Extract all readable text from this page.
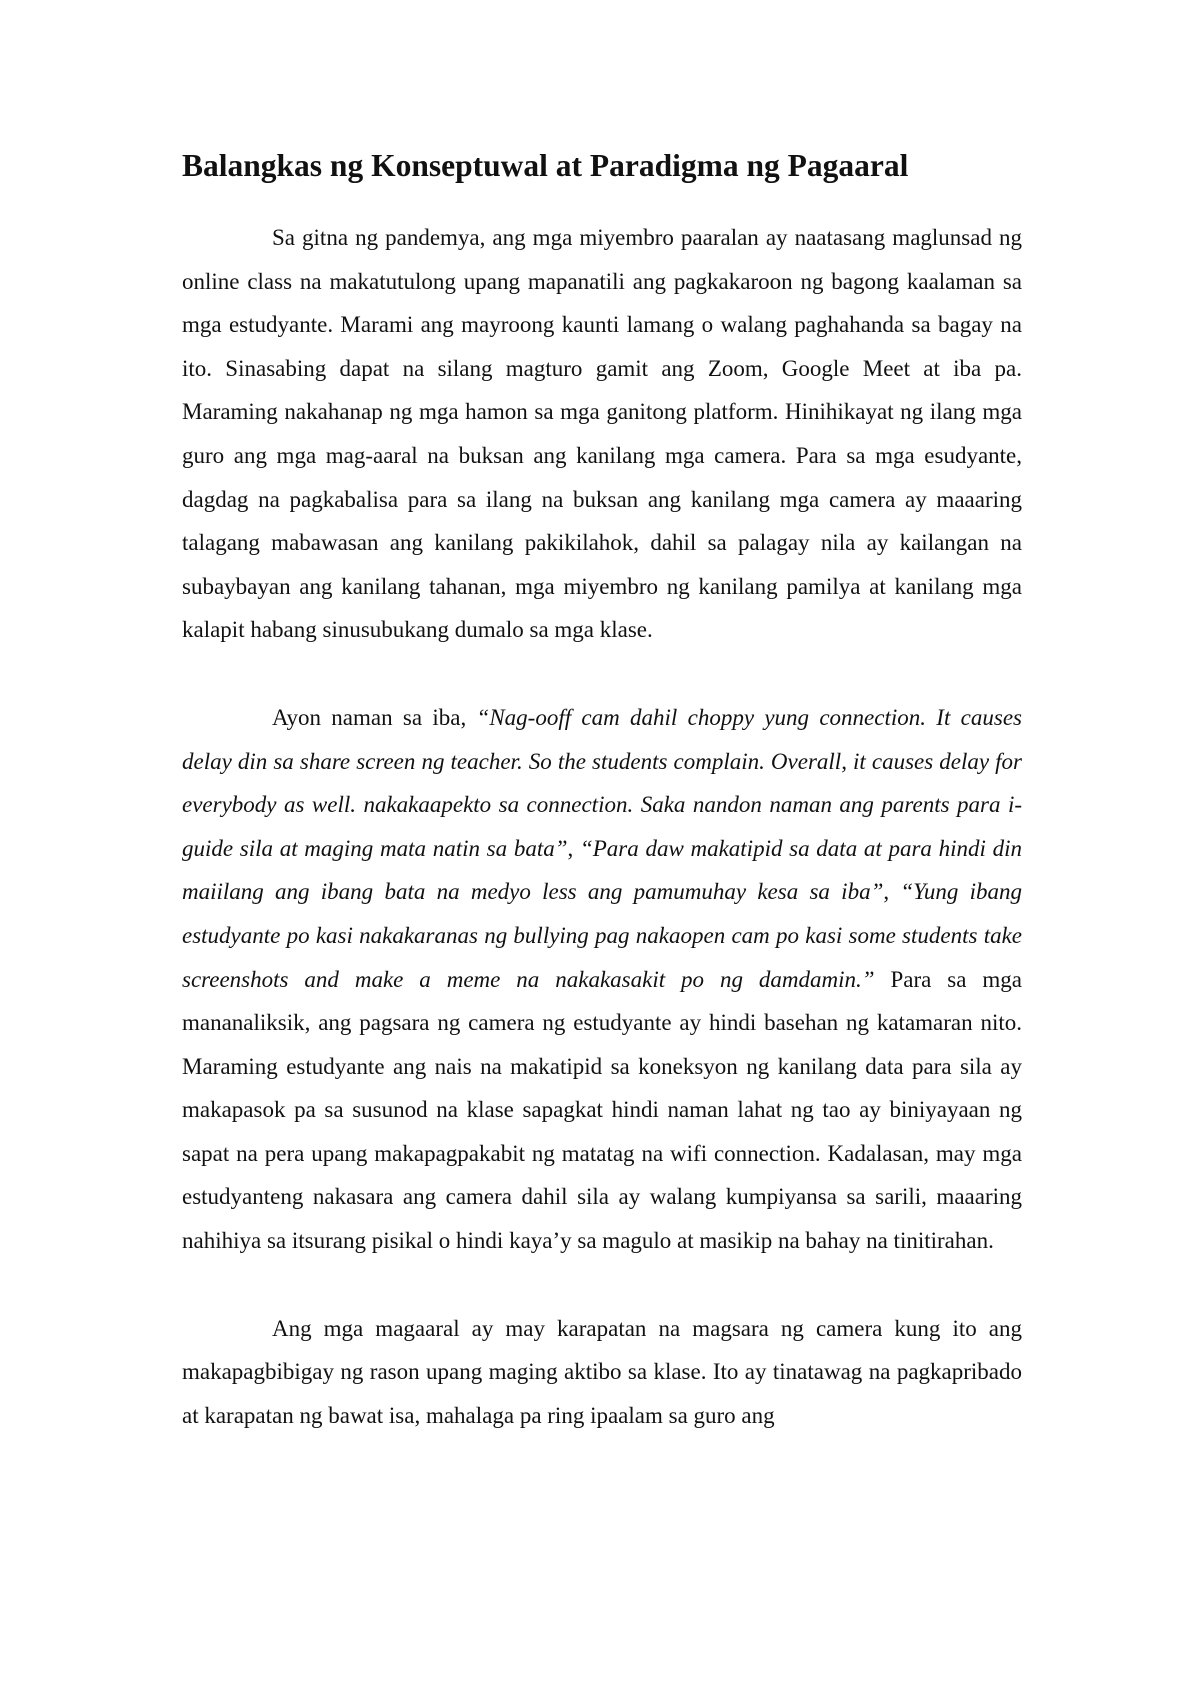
Balangkas ng Konseptuwal at Paradigma ng Pagaaral

Sa gitna ng pandemya, ang mga miyembro paaralan ay naatasang maglunsad ng online class na makatutulong upang mapanatili ang pagkakaroon ng bagong kaalaman sa mga estudyante. Marami ang mayroong kaunti lamang o walang paghahanda sa bagay na ito. Sinasabing dapat na silang magturo gamit ang Zoom, Google Meet at iba pa. Maraming nakahanap ng mga hamon sa mga ganitong platform. Hinihikayat ng ilang mga guro ang mga mag-aaral na buksan ang kanilang mga camera. Para sa mga esudyante, dagdag na pagkabalisa para sa ilang na buksan ang kanilang mga camera ay maaaring talagang mabawasan ang kanilang pakikilahok, dahil sa palagay nila ay kailangan na subaybayan ang kanilang tahanan, mga miyembro ng kanilang pamilya at kanilang mga kalapit habang sinusubukang dumalo sa mga klase.

Ayon naman sa iba, “Nag-ooff cam dahil choppy yung connection. It causes delay din sa share screen ng teacher. So the students complain. Overall, it causes delay for everybody as well. nakakaapekto sa connection. Saka nandon naman ang parents para i-guide sila at maging mata natin sa bata”, “Para daw makatipid sa data at para hindi din maiilang ang ibang bata na medyo less ang pamumuhay kesa sa iba”, “Yung ibang estudyante po kasi nakakaranas ng bullying pag nakaopen cam po kasi some students take screenshots and make a meme na nakakasakit po ng damdamin.” Para sa mga mananaliksik, ang pagsara ng camera ng estudyante ay hindi basehan ng katamaran nito. Maraming estudyante ang nais na makatipid sa koneksyon ng kanilang data para sila ay makapasok pa sa susunod na klase sapagkat hindi naman lahat ng tao ay biniyayaan ng sapat na pera upang makapagpakabit ng matatag na wifi connection. Kadalasan, may mga estudyanteng nakasara ang camera dahil sila ay walang kumpiyansa sa sarili, maaaring nahihiya sa itsurang pisikal o hindi kaya’y sa magulo at masikip na bahay na tinitirahan.

Ang mga magaaral ay may karapatan na magsara ng camera kung ito ang makapagbibigay ng rason upang maging aktibo sa klase. Ito ay tinatawag na pagkapribado at karapatan ng bawat isa, mahalaga pa ring ipaalam sa guro ang
